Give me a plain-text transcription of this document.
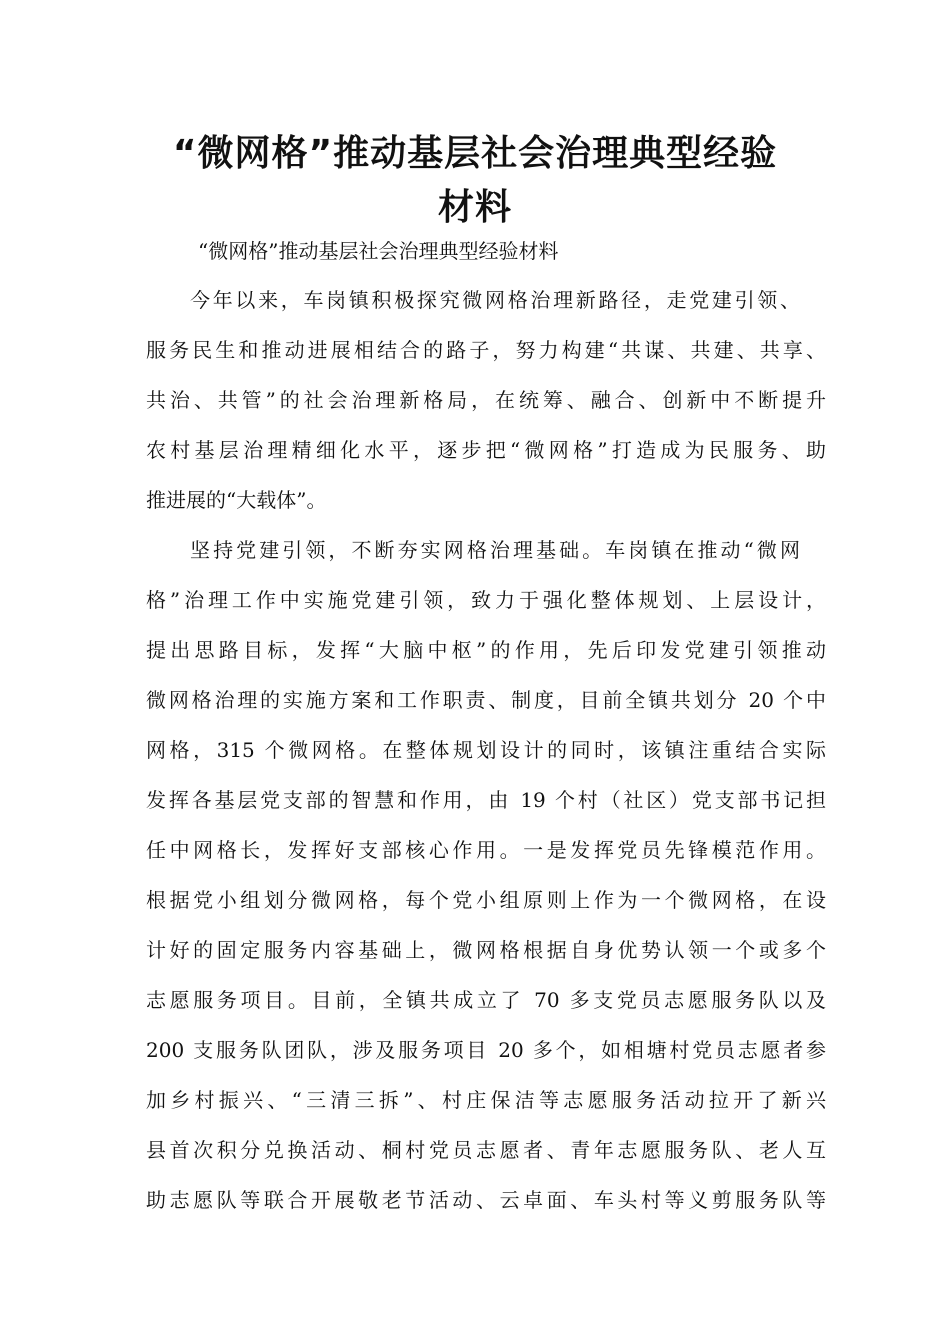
“微网格”推动基层社会治理典型经验
材料
“微网格”推动基层社会治理典型经验材料
今年以来，车岗镇积极探究微网格治理新路径，走党建引领、
服务民生和推动进展相结合的路子，努力构建“共谋、共建、共享、
共治、共管”的社会治理新格局，在统筹、融合、创新中不断提升
农村基层治理精细化水平，逐步把“微网格”打造成为民服务、助
推进展的“大载体”。
坚持党建引领，不断夯实网格治理基础。车岗镇在推动“微网
格”治理工作中实施党建引领，致力于强化整体规划、上层设计，
提出思路目标，发挥“大脑中枢”的作用，先后印发党建引领推动
微网格治理的实施方案和工作职责、制度，目前全镇共划分 20 个中
网格，315 个微网格。在整体规划设计的同时，该镇注重结合实际
发挥各基层党支部的智慧和作用，由 19 个村（社区）党支部书记担
任中网格长，发挥好支部核心作用。一是发挥党员先锋模范作用。
根据党小组划分微网格，每个党小组原则上作为一个微网格，在设
计好的固定服务内容基础上，微网格根据自身优势认领一个或多个
志愿服务项目。目前，全镇共成立了 70 多支党员志愿服务队以及
200 支服务队团队，涉及服务项目 20 多个，如相塘村党员志愿者参
加乡村振兴、“三清三拆”、村庄保洁等志愿服务活动拉开了新兴
县首次积分兑换活动、桐村党员志愿者、青年志愿服务队、老人互
助志愿队等联合开展敬老节活动、云卓面、车头村等义剪服务队等
